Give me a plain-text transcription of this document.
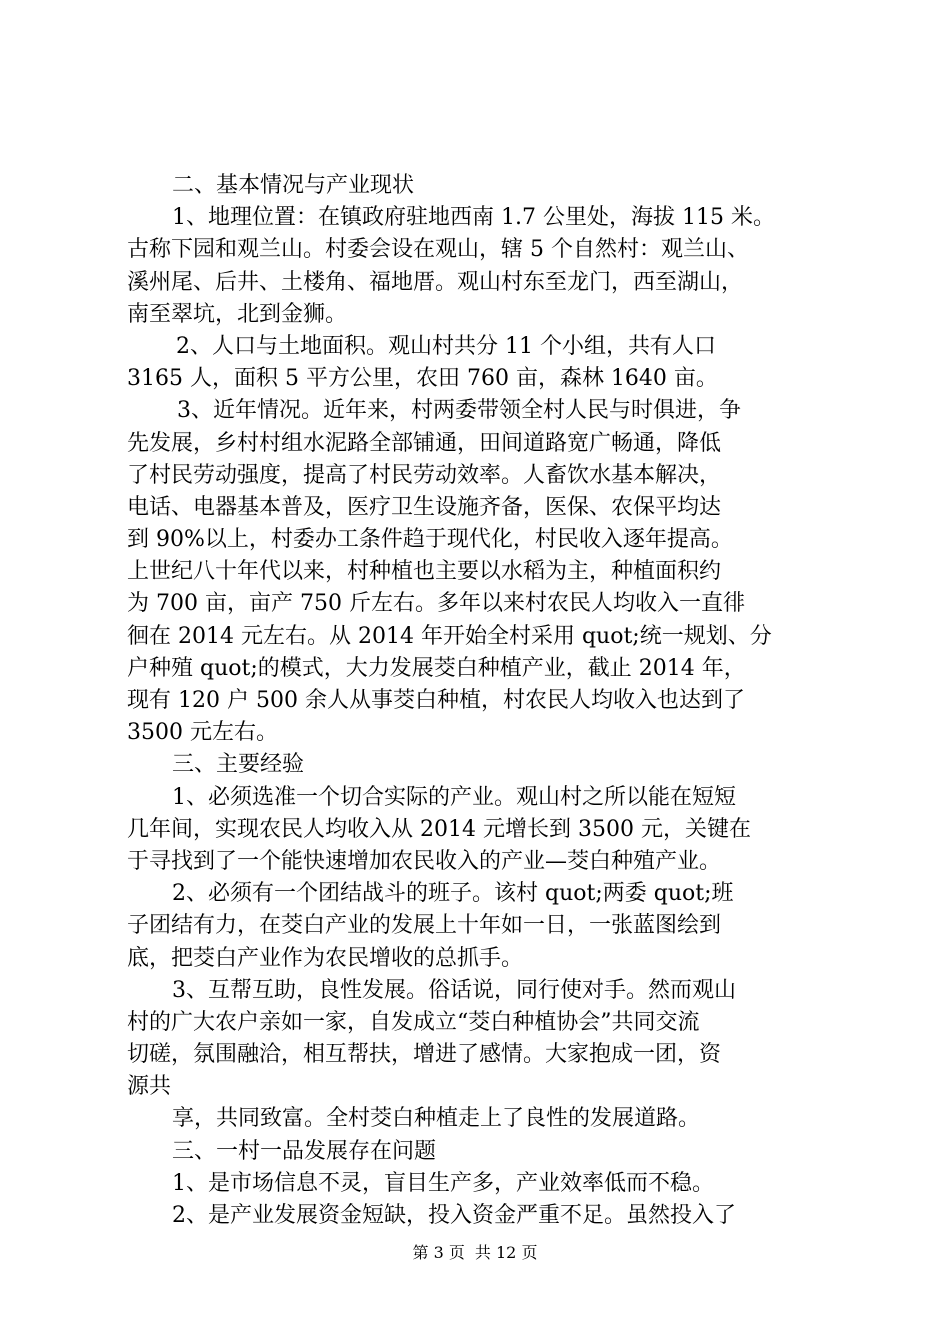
二、基本情况与产业现状
1、地理位置：在镇政府驻地西南 1.7 公里处，海拔 115 米。
古称下园和观兰山。村委会设在观山，辖 5 个自然村：观兰山、
溪州尾、后井、土楼角、福地厝。观山村东至龙门，西至湖山，
南至翠坑，北到金狮。
2、人口与土地面积。观山村共分 11 个小组，共有人口
3165 人，面积 5 平方公里，农田 760 亩，森林 1640 亩。
3、近年情况。近年来，村两委带领全村人民与时俱进，争
先发展，乡村村组水泥路全部铺通，田间道路宽广畅通，降低
了村民劳动强度，提高了村民劳动效率。人畜饮水基本解决，
电话、电器基本普及，医疗卫生设施齐备，医保、农保平均达
到 90%以上，村委办工条件趋于现代化，村民收入逐年提高。
上世纪八十年代以来，村种植也主要以水稻为主，种植面积约
为 700 亩，亩产 750 斤左右。多年以来村农民人均收入一直徘
徊在 2014 元左右。从 2014 年开始全村采用 quot;统一规划、分
户种殖 quot;的模式，大力发展茭白种植产业，截止 2014 年，
现有 120 户 500 余人从事茭白种植，村农民人均收入也达到了
3500 元左右。
三、主要经验
1、必须选准一个切合实际的产业。观山村之所以能在短短
几年间，实现农民人均收入从 2014 元增长到 3500 元，关键在
于寻找到了一个能快速增加农民收入的产业—茭白种殖产业。
2、必须有一个团结战斗的班子。该村 quot;两委 quot;班
子团结有力，在茭白产业的发展上十年如一日，一张蓝图绘到
底，把茭白产业作为农民增收的总抓手。
3、互帮互助，良性发展。俗话说，同行使对手。然而观山
村的广大农户亲如一家，自发成立“茭白种植协会”共同交流
切磋，氛围融洽，相互帮扶，增进了感情。大家抱成一团，资
源共
享，共同致富。全村茭白种植走上了良性的发展道路。
三、一村一品发展存在问题
1、是市场信息不灵，盲目生产多，产业效率低而不稳。
2、是产业发展资金短缺，投入资金严重不足。虽然投入了
第 3 页 共 12 页
